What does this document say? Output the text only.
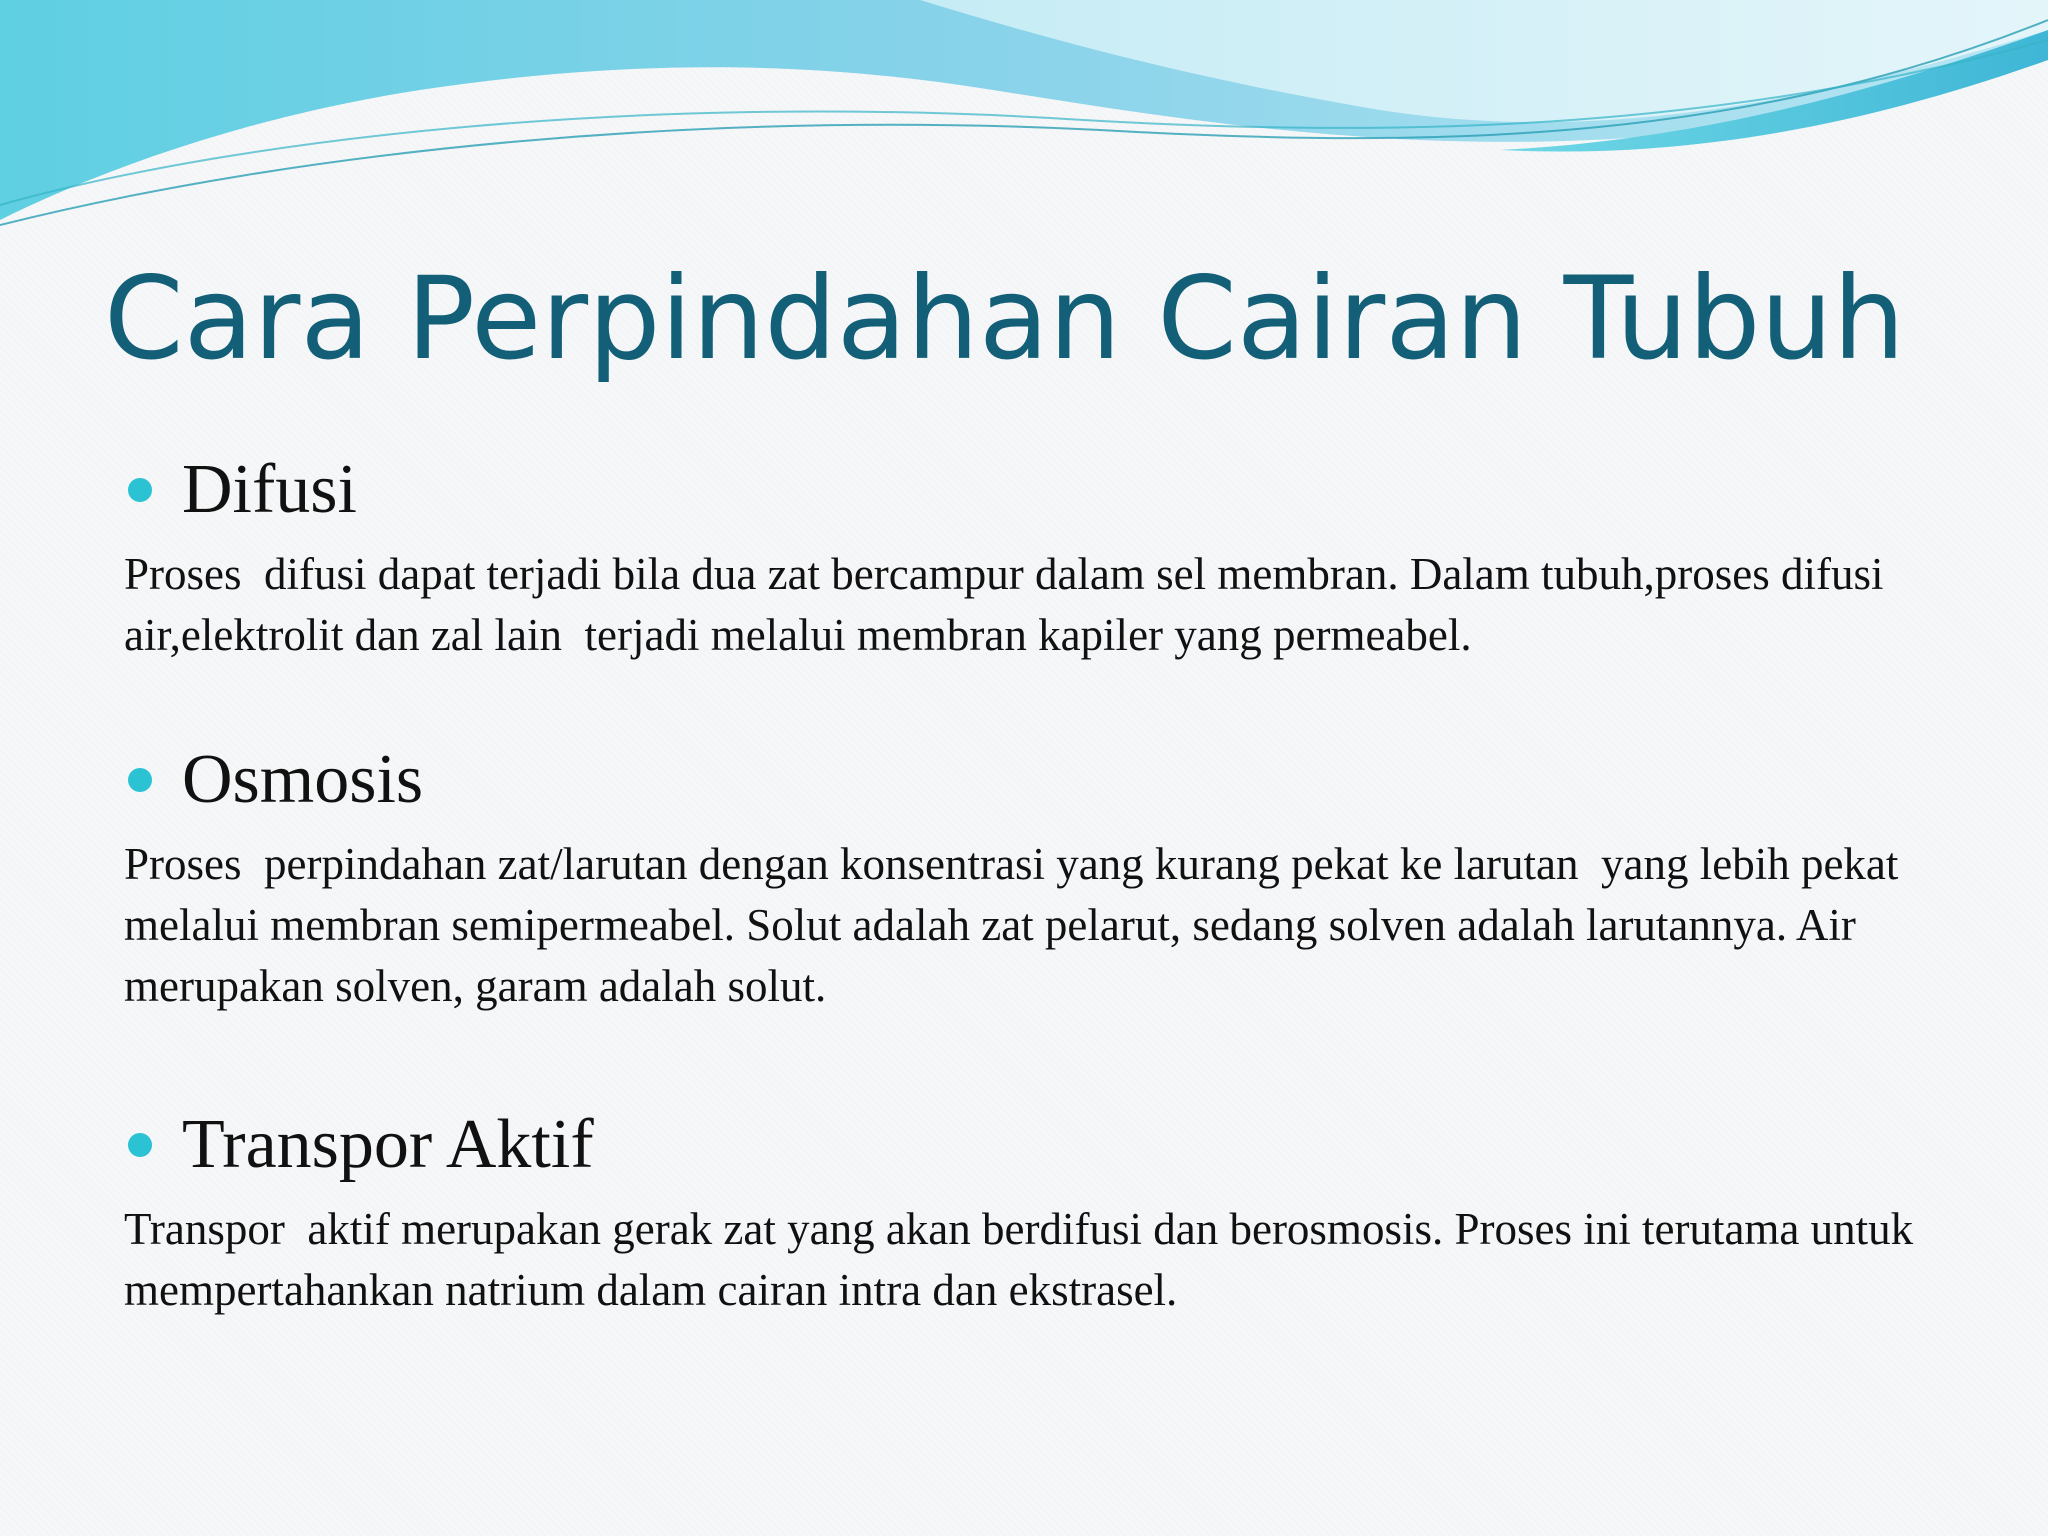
Cara Perpindahan Cairan Tubuh
Difusi

Proses  difusi dapat terjadi bila dua zat bercampur dalam sel membran. Dalam tubuh,proses difusi air,elektrolit dan zal lain  terjadi melalui membran kapiler yang permeabel.

Osmosis

Proses  perpindahan zat/larutan dengan konsentrasi yang kurang pekat ke larutan  yang lebih pekat melalui membran semipermeabel. Solut adalah zat pelarut, sedang solven adalah larutannya. Air merupakan solven, garam adalah solut.

Transpor Aktif

Transpor  aktif merupakan gerak zat yang akan berdifusi dan berosmosis. Proses ini terutama untuk mempertahankan natrium dalam cairan intra dan ekstrasel.
